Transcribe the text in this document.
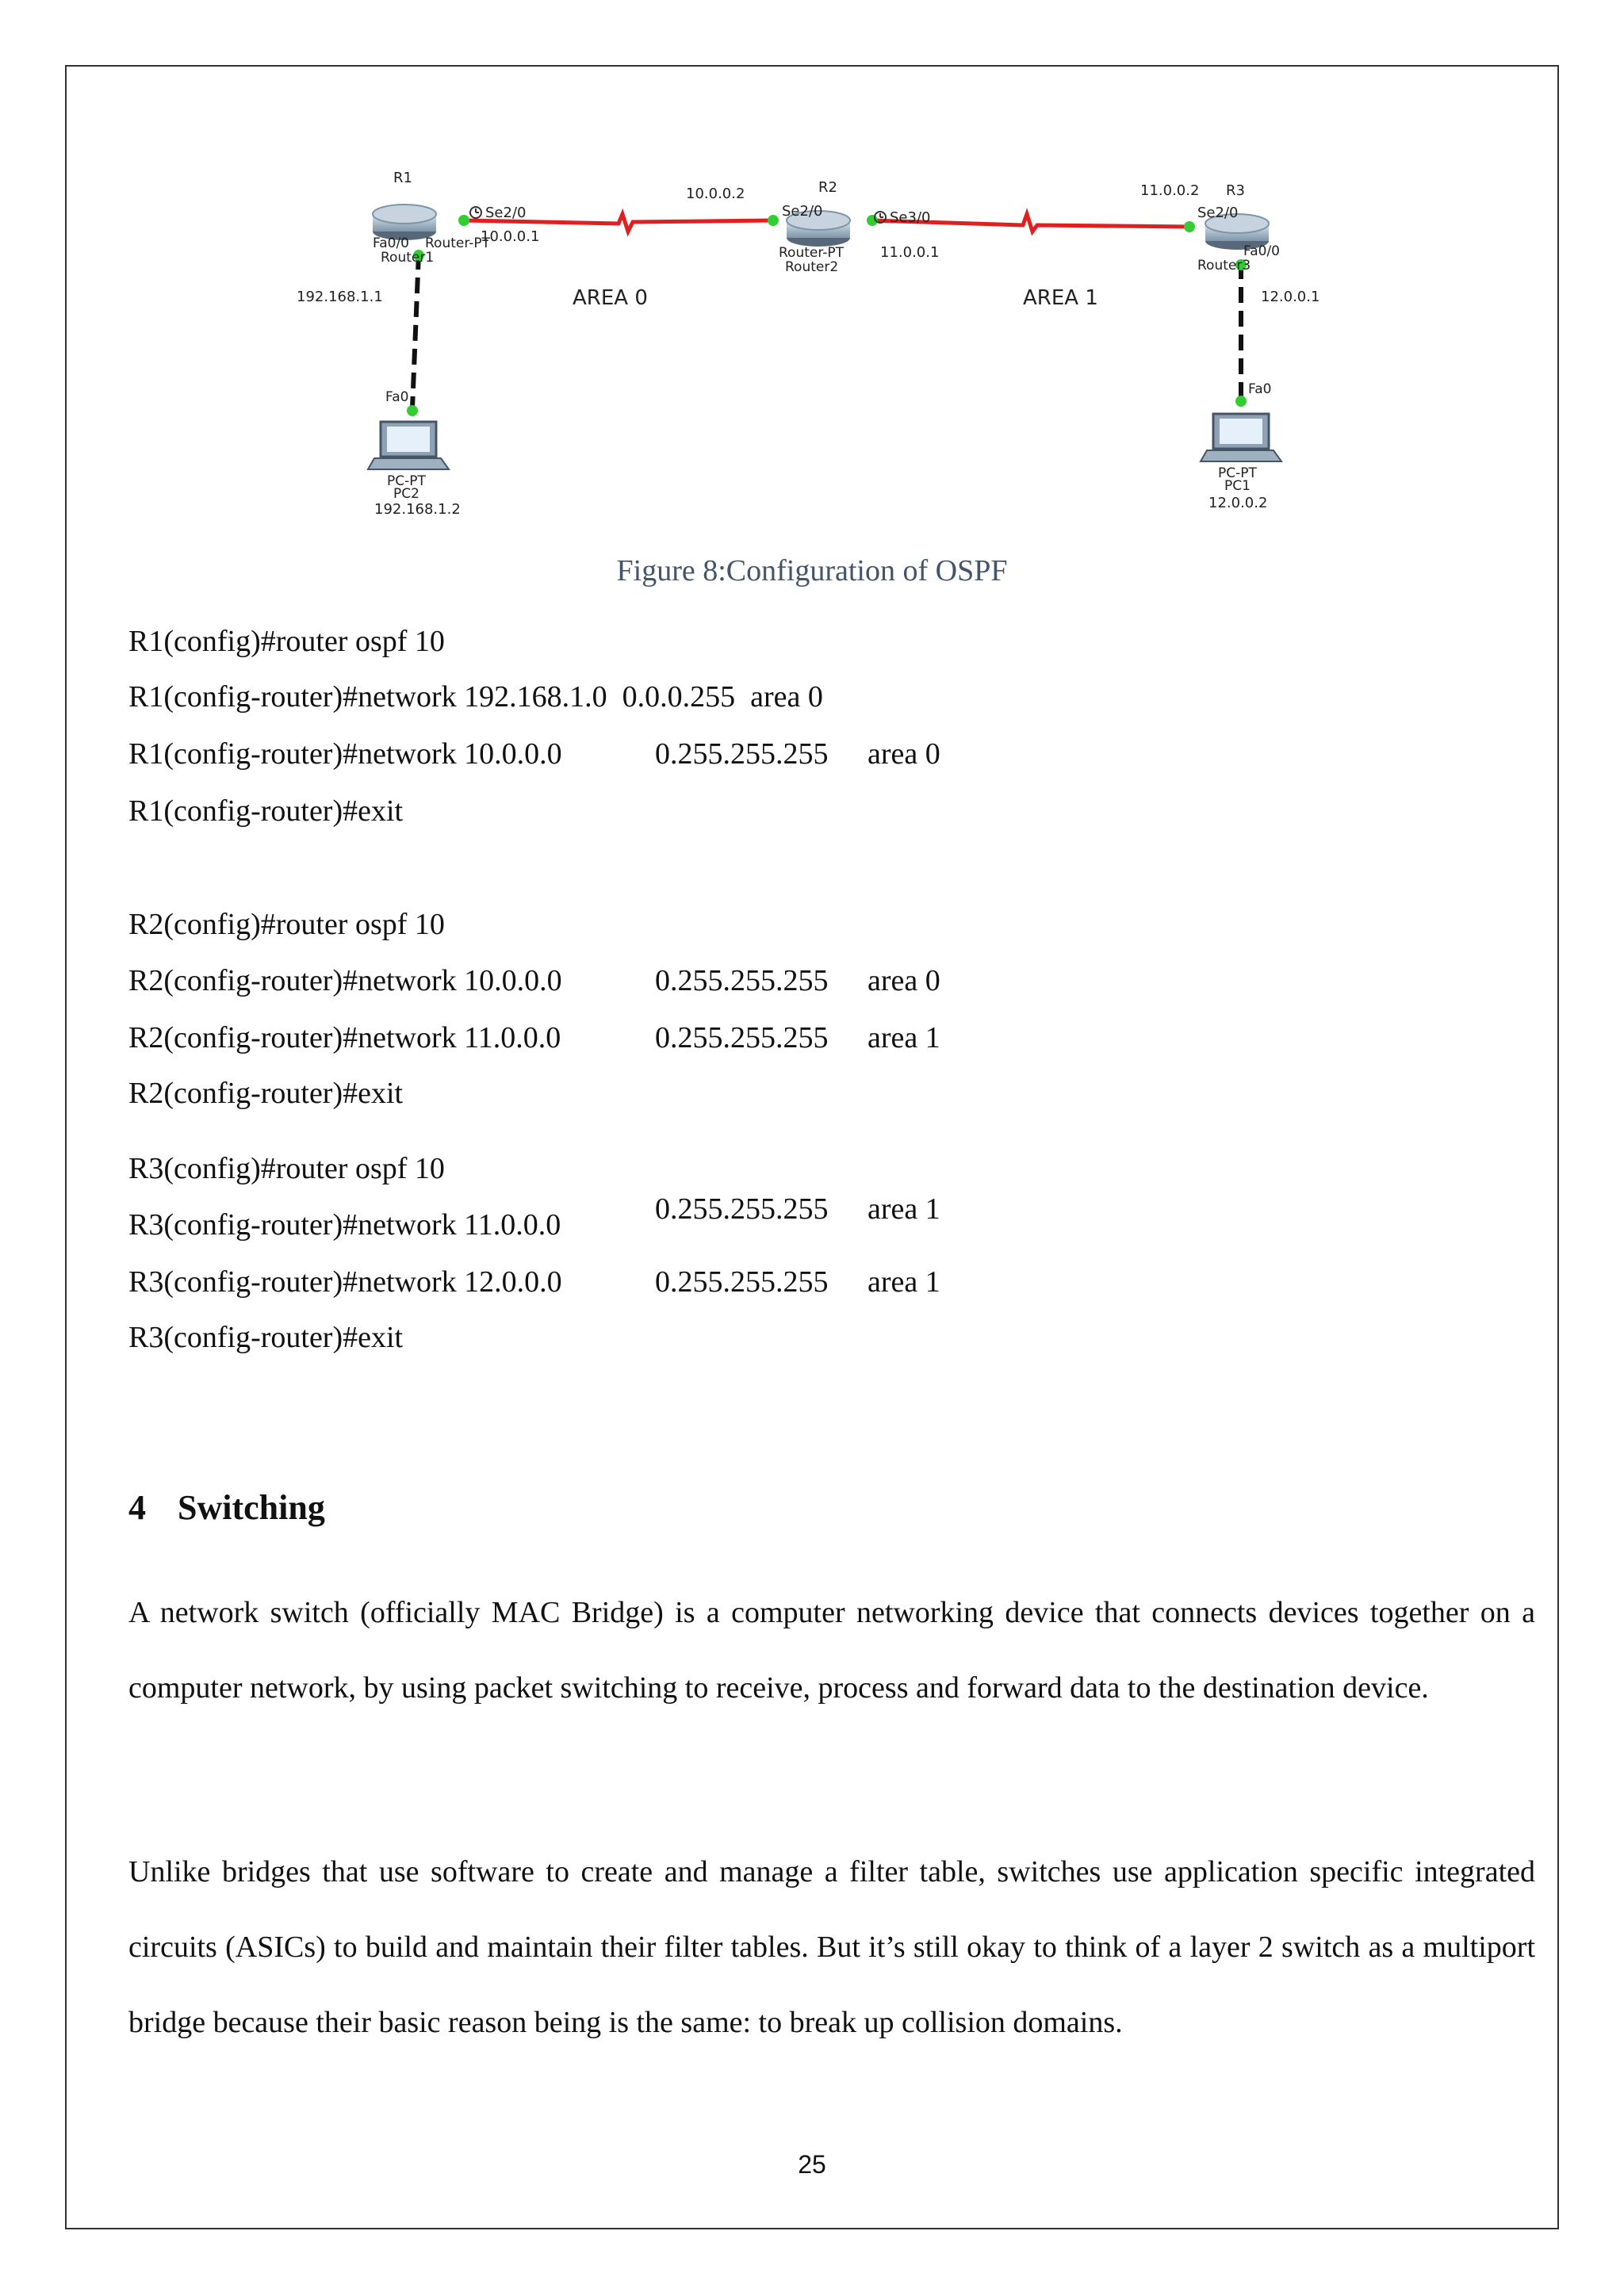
R1
Se2/0
10.0.0.1
Fa0/0 Router-PT
Router1
192.168.1.1
10.0.0.2	R2
Se2/0	Se3/0
Router-PT
Router2
11.0.0.1
11.0.0.2 R3
Se2/0
Fa0/0
Router3
12.0.0.1
AREA 0	AREA 1
Fa0
PC-PT
PC2
192.168.1.2
Fa0
PC-PT
PC1
12.0.0.2
Figure 8:Configuration of OSPF
R1(config)#router ospf 10
R1(config-router)#network 192.168.1.0  0.0.0.255  area 0
R1(config-router)#network 10.0.0.0	0.255.255.255 area 0
R1(config-router)#exit
R2(config)#router ospf 10
R2(config-router)#network 10.0.0.0	0.255.255.255 area 0
R2(config-router)#network 11.0.0.0	0.255.255.255 area 1
R2(config-router)#exit
R3(config)#router ospf 10
R3(config-router)#network 11.0.0.0	0.255.255.255 area 1
R3(config-router)#network 12.0.0.0	0.255.255.255 area 1
R3(config-router)#exit
4 Switching

A network switch (officially MAC Bridge) is a computer networking device that connects devices together on a computer network, by using packet switching to receive, process and forward data to the destination device.

Unlike bridges that use software to create and manage a filter table, switches use application specific integrated circuits (ASICs) to build and maintain their filter tables. But it’s still okay to think of a layer 2 switch as a multiport bridge because their basic reason being is the same: to break up collision domains.

25
